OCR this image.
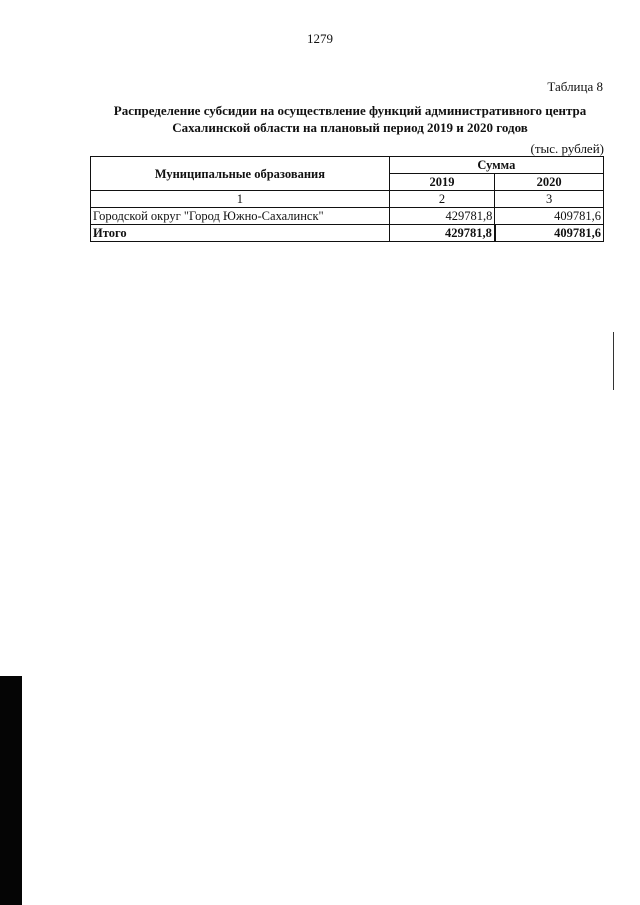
1279
Таблица 8
Распределение субсидии на осуществление функций административного центра
Сахалинской области на плановый период 2019 и 2020 годов
(тыс. рублей)
Муниципальные образования	Сумма	
	2019	2020
1	2	3
Городской округ "Город Южно-Сахалинск"	429781,8	409781,6
Итого	429781,8	409781,6
